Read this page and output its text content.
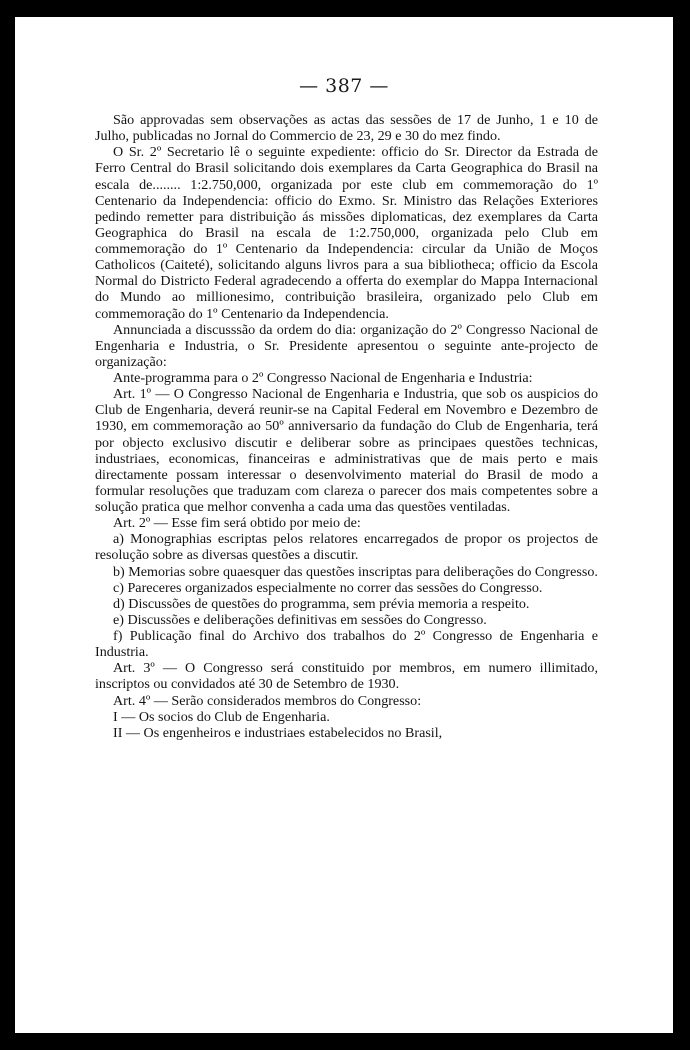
— 387 —

São approvadas sem observações as actas das sessões de 17 de Junho, 1 e 10 de Julho, publicadas no Jornal do Commercio de 23, 29 e 30 do mez findo.

O Sr. 2º Secretario lê o seguinte expediente: officio do Sr. Director da Estrada de Ferro Central do Brasil solicitando dois exemplares da Carta Geographica do Brasil na escala de........ 1:2.750,000, organizada por este club em commemoração do 1º Centenario da Independencia: officio do Exmo. Sr. Ministro das Relações Exteriores pedindo remetter para distribuição ás missões diplomaticas, dez exemplares da Carta Geographica do Brasil na escala de 1:2.750,000, organizada pelo Club em commemoração do 1º Centenario da Independencia: circular da União de Moços Catholicos (Caiteté), solicitando alguns livros para a sua bibliotheca; officio da Escola Normal do Districto Federal agradecendo a offerta do exemplar do Mappa Internacional do Mundo ao millionesimo, contribuição brasileira, organizado pelo Club em commemoração do 1º Centenario da Independencia.

Annunciada a discusssão da ordem do dia: organização do 2º Congresso Nacional de Engenharia e Industria, o Sr. Presidente apresentou o seguinte ante-projecto de organização:

Ante-programma para o 2º Congresso Nacional de Engenharia e Industria:

Art. 1º — O Congresso Nacional de Engenharia e Industria, que sob os auspicios do Club de Engenharia, deverá reunir-se na Capital Federal em Novembro e Dezembro de 1930, em commemoração ao 50º anniversario da fundação do Club de Engenharia, terá por objecto exclusivo discutir e deliberar sobre as principaes questões technicas, industriaes, economicas, financeiras e administrativas que de mais perto e mais directamente possam interessar o desenvolvimento material do Brasil de modo a formular resoluções que traduzam com clareza o parecer dos mais competentes sobre a solução pratica que melhor convenha a cada uma das questões ventiladas.

Art. 2º — Esse fim será obtido por meio de:

a) Monographias escriptas pelos relatores encarregados de propor os projectos de resolução sobre as diversas questões a discutir.

b) Memorias sobre quaesquer das questões inscriptas para deliberações do Congresso.

c) Pareceres organizados especialmente no correr das sessões do Congresso.

d) Discussões de questões do programma, sem prévia memoria a respeito.

e) Discussões e deliberações definitivas em sessões do Congresso.

f) Publicação final do Archivo dos trabalhos do 2º Congresso de Engenharia e Industria.

Art. 3º — O Congresso será constituido por membros, em numero illimitado, inscriptos ou convidados até 30 de Setembro de 1930.

Art. 4º — Serão considerados membros do Congresso:

I — Os socios do Club de Engenharia.

II — Os engenheiros e industriaes estabelecidos no Brasil,
